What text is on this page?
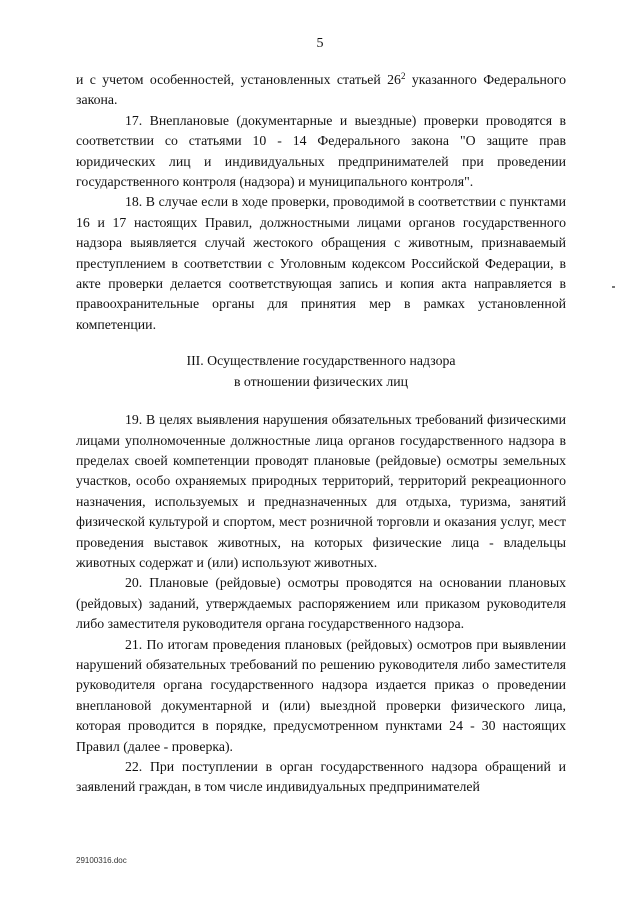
5

и с учетом особенностей, установленных статьей $26^2$ указанного Федерального закона.

17. Внеплановые (документарные и выездные) проверки проводятся в соответствии со статьями 10 - 14 Федерального закона "О защите прав юридических лиц и индивидуальных предпринимателей при проведении государственного контроля (надзора) и муниципального контроля".

18. В случае если в ходе проверки, проводимой в соответствии с пунктами 16 и 17 настоящих Правил, должностными лицами органов государственного надзора выявляется случай жестокого обращения с животным, признаваемый преступлением в соответствии с Уголовным кодексом Российской Федерации, в акте проверки делается соответствующая запись и копия акта направляется в правоохранительные органы для принятия мер в рамках установленной компетенции.

III. Осуществление государственного надзора
в отношении физических лиц

19. В целях выявления нарушения обязательных требований физическими лицами уполномоченные должностные лица органов государственного надзора в пределах своей компетенции проводят плановые (рейдовые) осмотры земельных участков, особо охраняемых природных территорий, территорий рекреационного назначения, используемых и предназначенных для отдыха, туризма, занятий физической культурой и спортом, мест розничной торговли и оказания услуг, мест проведения выставок животных, на которых физические лица - владельцы животных содержат и (или) используют животных.

20. Плановые (рейдовые) осмотры проводятся на основании плановых (рейдовых) заданий, утверждаемых распоряжением или приказом руководителя либо заместителя руководителя органа государственного надзора.

21. По итогам проведения плановых (рейдовых) осмотров при выявлении нарушений обязательных требований по решению руководителя либо заместителя руководителя органа государственного надзора издается приказ о проведении внеплановой документарной и (или) выездной проверки физического лица, которая проводится в порядке, предусмотренном пунктами 24 - 30 настоящих Правил (далее - проверка).

22. При поступлении в орган государственного надзора обращений и заявлений граждан, в том числе индивидуальных предпринимателей

29100316.doc
